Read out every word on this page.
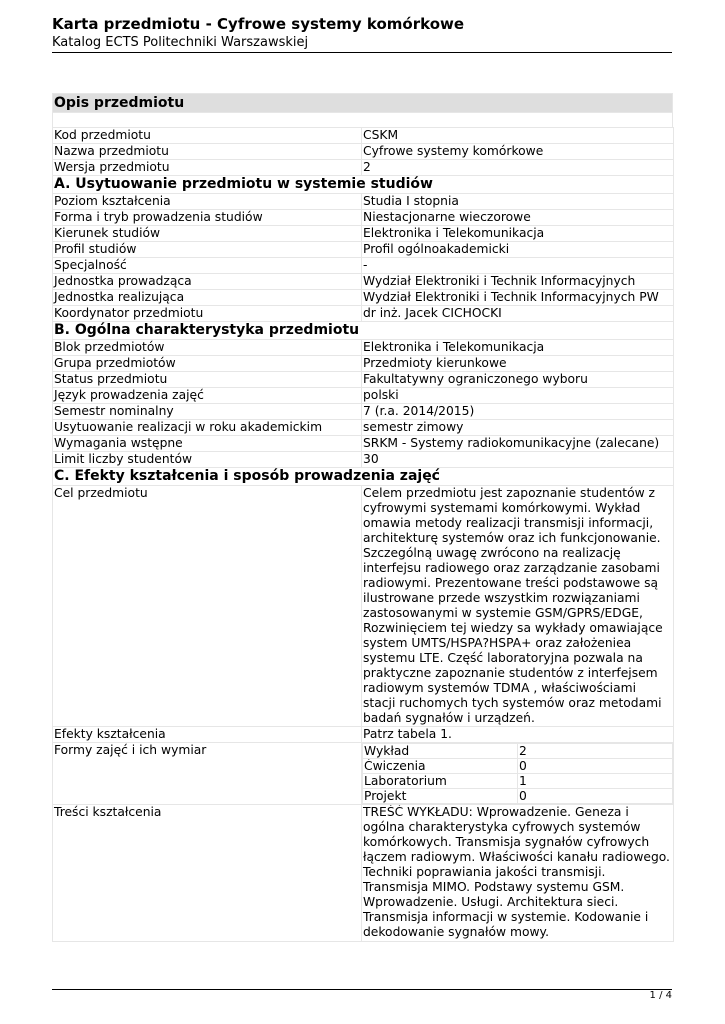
Karta przedmiotu - Cyfrowe systemy komórkowe
Katalog ECTS Politechniki Warszawskiej
Opis przedmiotu
Kod przedmiotu	CSKM
Nazwa przedmiotu	Cyfrowe systemy komórkowe
Wersja przedmiotu	2
A. Usytuowanie przedmiotu w systemie studiów
Poziom kształcenia	Studia I stopnia
Forma i tryb prowadzenia studiów	Niestacjonarne wieczorowe
Kierunek studiów	Elektronika i Telekomunikacja
Profil studiów	Profil ogólnoakademicki
Specjalność	-
Jednostka prowadząca	Wydział Elektroniki i Technik Informacyjnych
Jednostka realizująca	Wydział Elektroniki i Technik Informacyjnych PW
Koordynator przedmiotu	dr inż. Jacek CICHOCKI
B. Ogólna charakterystyka przedmiotu
Blok przedmiotów	Elektronika i Telekomunikacja
Grupa przedmiotów	Przedmioty kierunkowe
Status przedmiotu	Fakultatywny ograniczonego wyboru
Język prowadzenia zajęć	polski
Semestr nominalny	7 (r.a. 2014/2015)
Usytuowanie realizacji w roku akademickim	semestr zimowy
Wymagania wstępne	SRKM - Systemy radiokomunikacyjne (zalecane)
Limit liczby studentów	30
C. Efekty kształcenia i sposób prowadzenia zajęć
Cel przedmiotu	Celem przedmiotu jest zapoznanie studentów z cyfrowymi systemami komórkowymi. Wykład omawia metody realizacji transmisji informacji, architekturę systemów oraz ich funkcjonowanie. Szczególną uwagę zwrócono na realizację interfejsu radiowego oraz zarządzanie zasobami radiowymi. Prezentowane treści podstawowe są ilustrowane przede wszystkim rozwiązaniami zastosowanymi w systemie GSM/GPRS/EDGE, Rozwinięciem tej wiedzy sa wykłady omawiające system UMTS/HSPA?HSPA+ oraz założeniea systemu LTE. Część laboratoryjna pozwala na praktyczne zapoznanie studentów z interfejsem radiowym systemów TDMA , właściwościami stacji ruchomych tych systemów oraz metodami badań sygnałów i urządzeń.
Efekty kształcenia	Patrz tabela 1.
Formy zajęć i ich wymiar		Wykład	2
Ćwiczenia	0
Laboratorium	1
Projekt	0

Treści kształcenia	TREŚĆ WYKŁADU: Wprowadzenie. Geneza i ogólna charakterystyka cyfrowych systemów komórkowych. Transmisja sygnałów cyfrowych łączem radiowym. Właściwości kanału radiowego. Techniki poprawiania jakości transmisji. Transmisja MIMO. Podstawy systemu GSM. Wprowadzenie. Usługi. Architektura sieci. Transmisja informacji w systemie. Kodowanie i dekodowanie sygnałów mowy.
1 / 4
